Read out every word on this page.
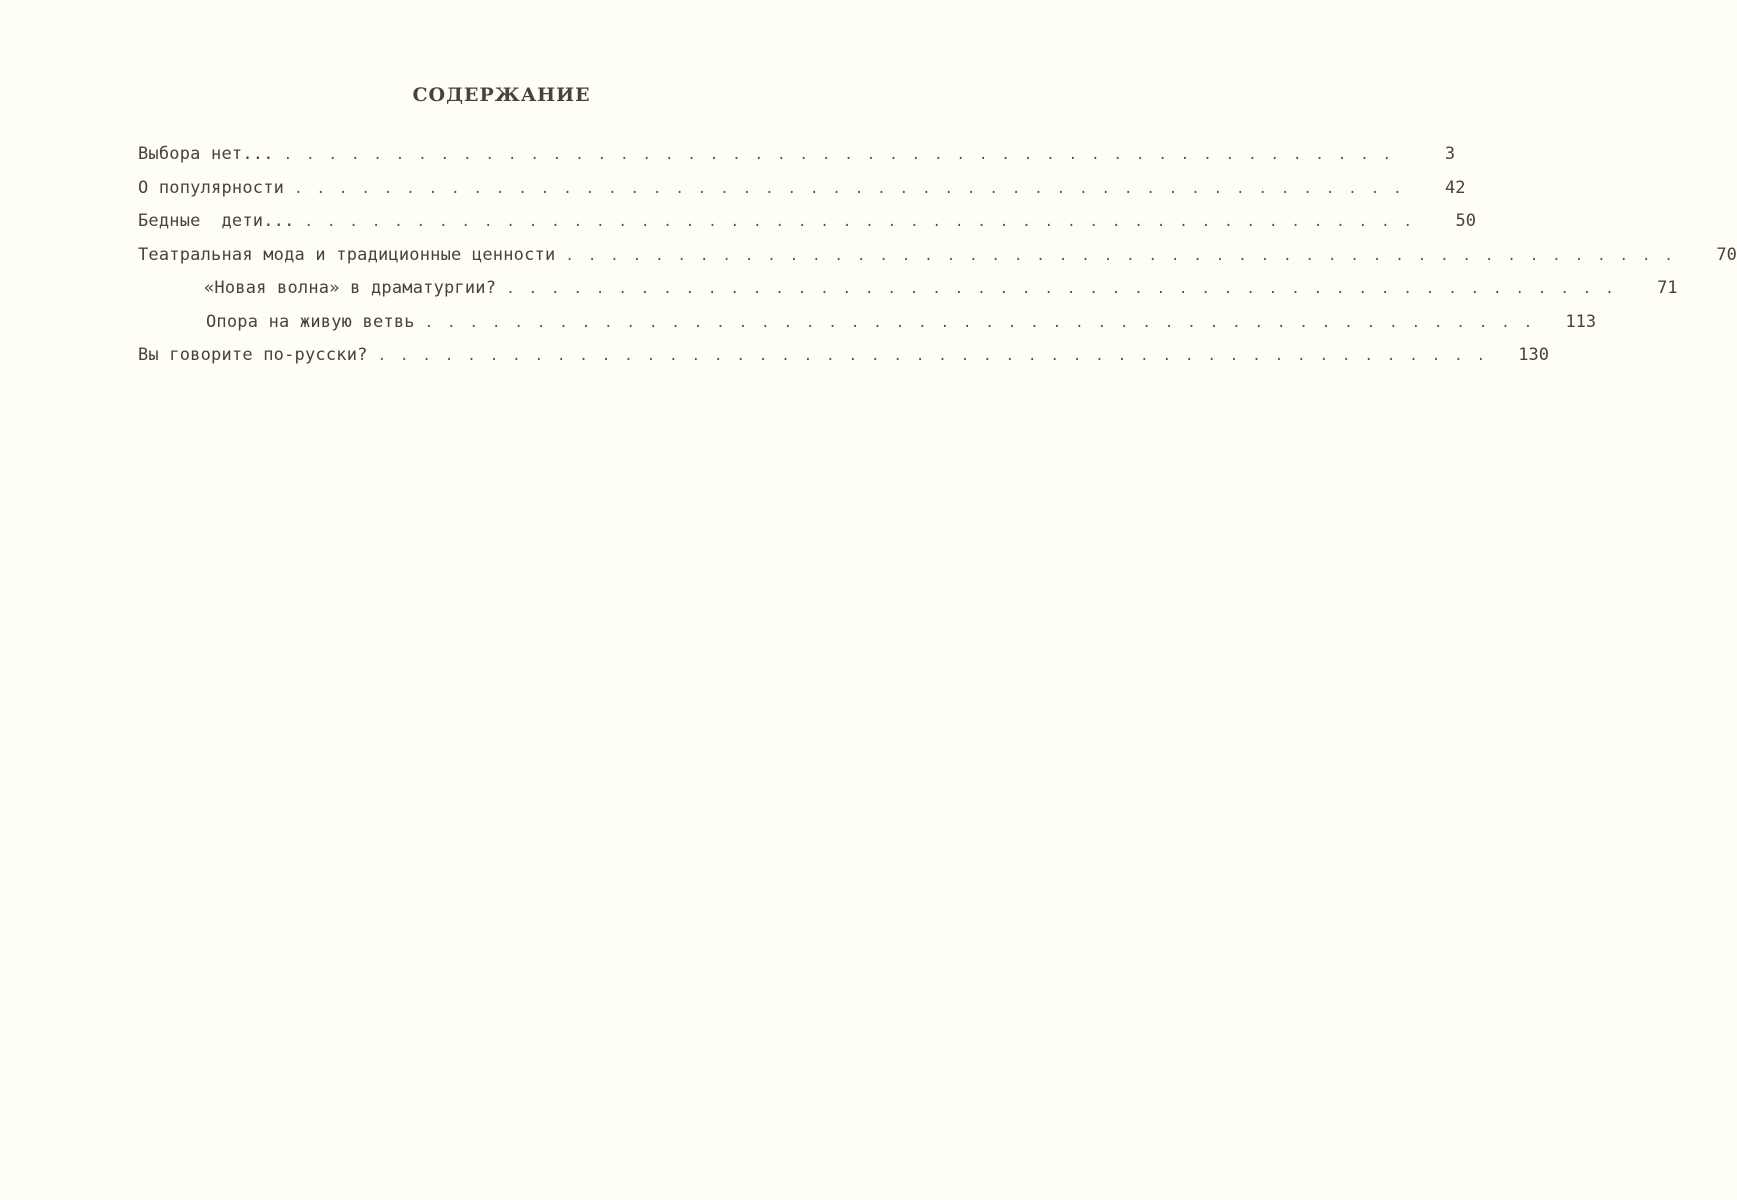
СОДЕРЖАНИЕ
Выбора нет... ..................................................	3
О популярности ..................................................	42
Бедные  дети... ..................................................	50
Театральная мода и традиционные ценности ..................................................	70
«Новая волна» в драматургии? ..................................................	71
Опора на живую ветвь ..................................................	113
Вы говорите по-русски? ..................................................	130
